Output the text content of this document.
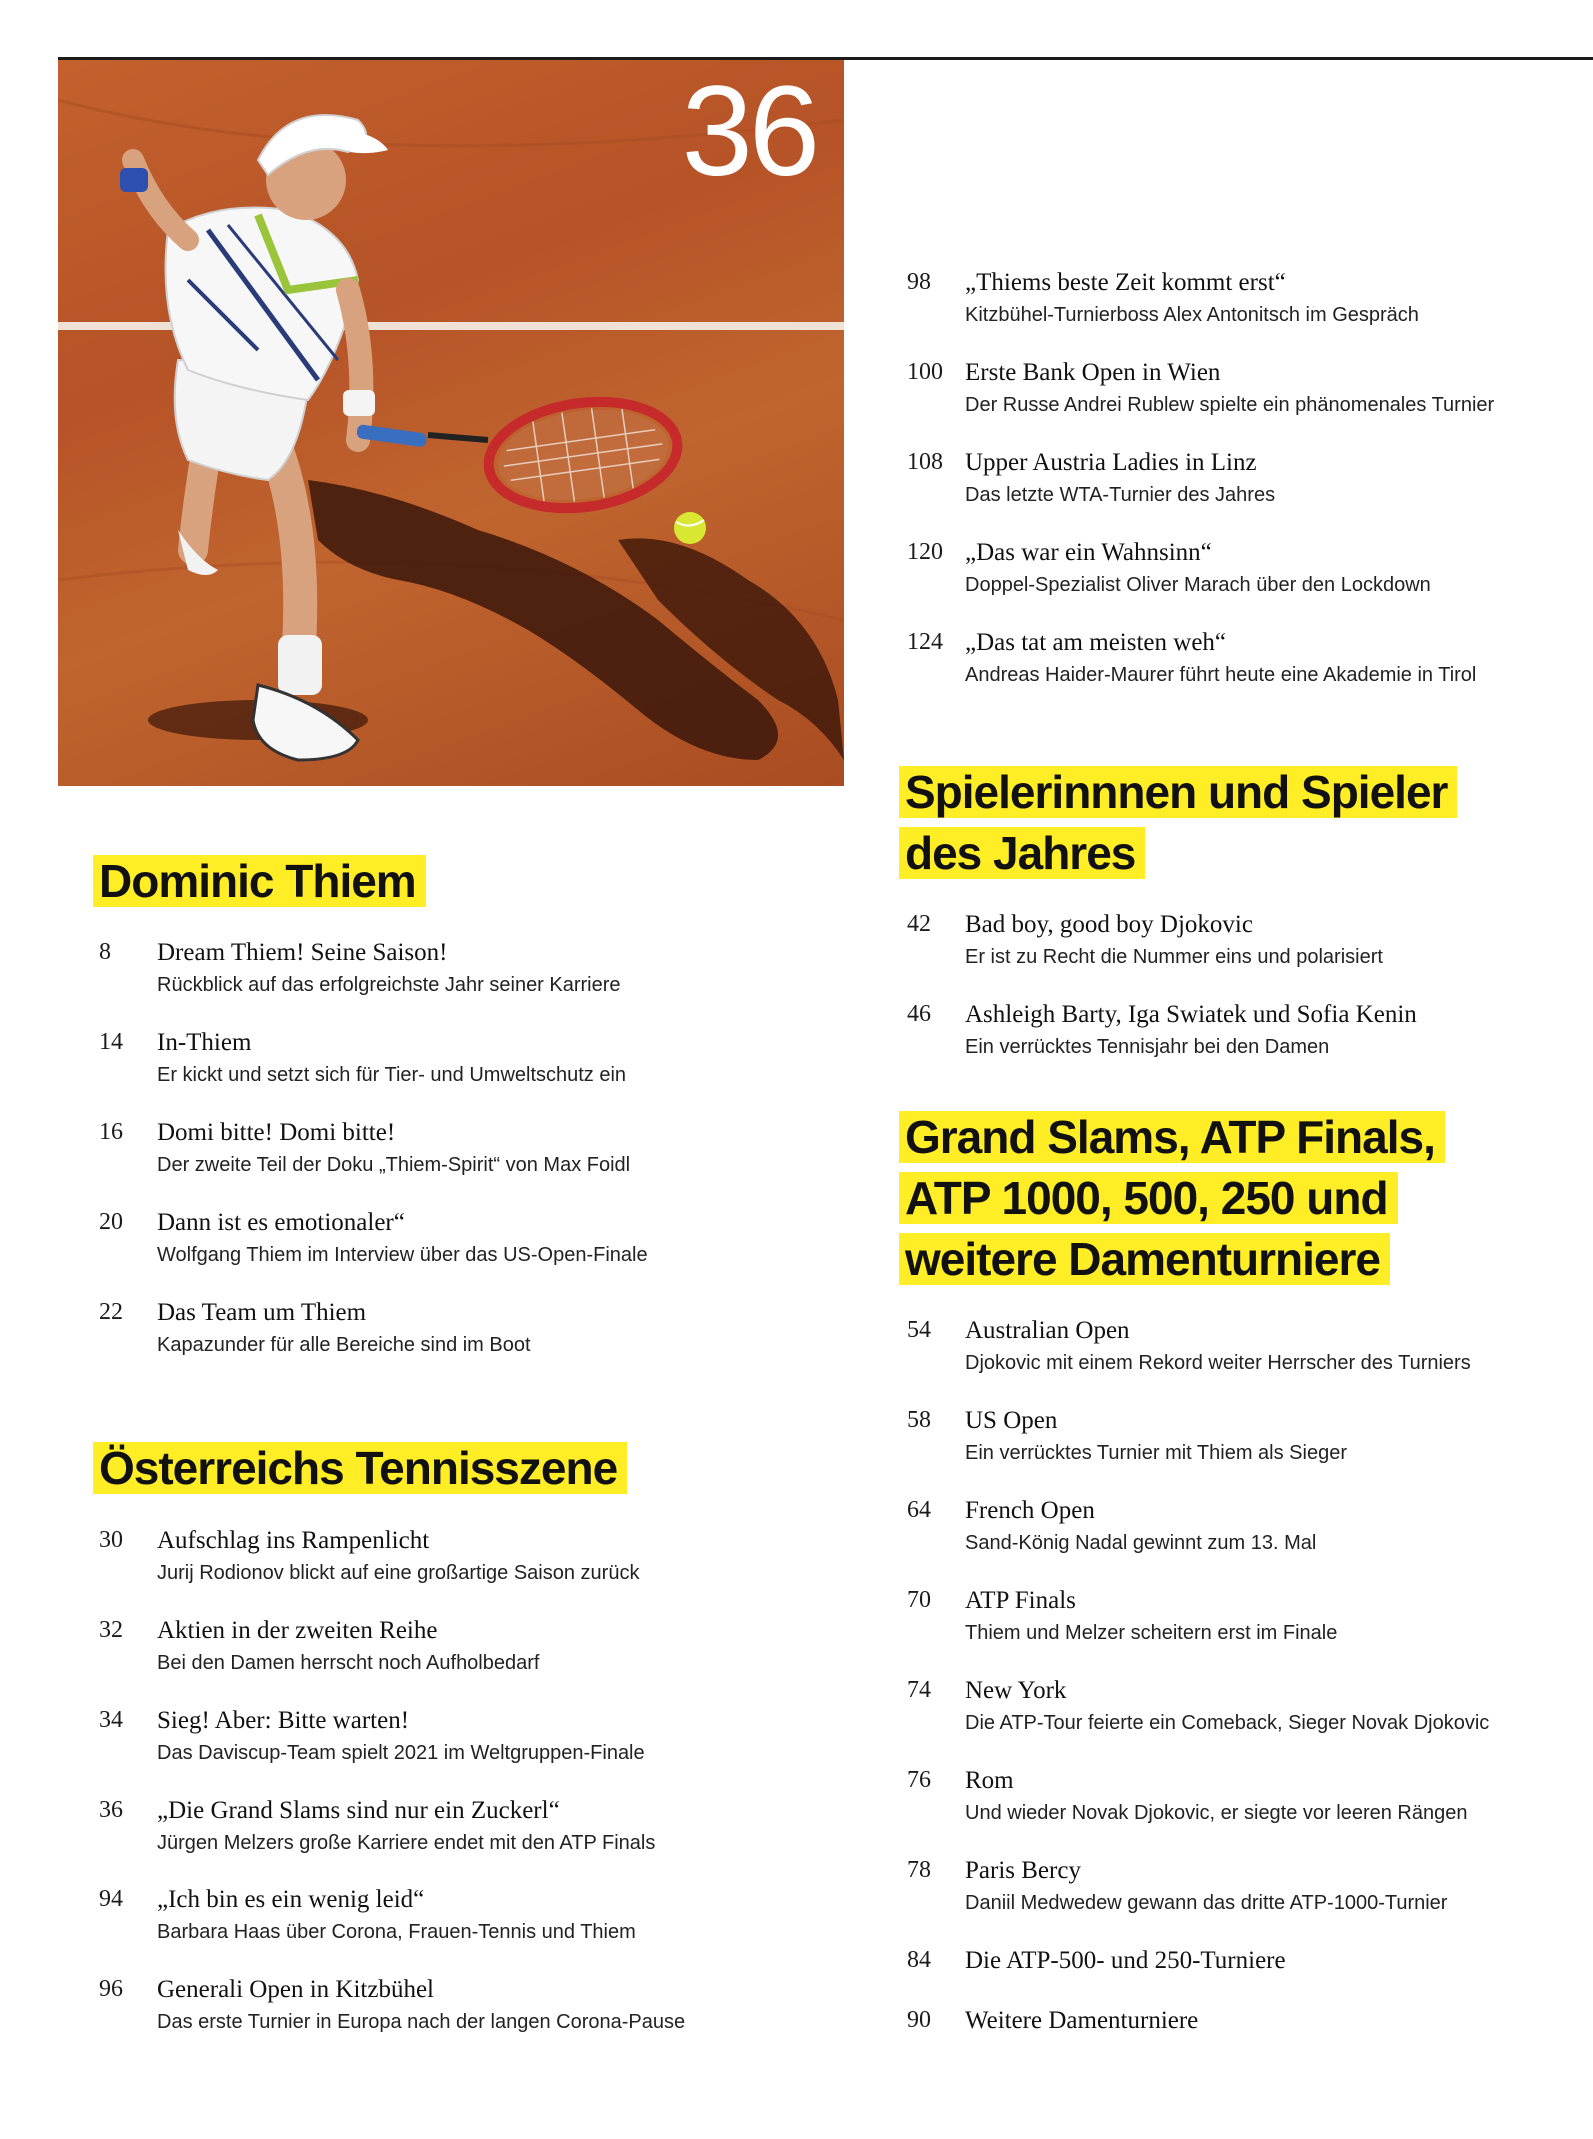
36
Dominic Thiem
8 Dream Thiem! Seine Saison!
Rückblick auf das erfolgreichste Jahr seiner Karriere
14 In-Thiem
Er kickt und setzt sich für Tier- und Umweltschutz ein
16 Domi bitte! Domi bitte!
Der zweite Teil der Doku „Thiem-Spirit“ von Max Foidl
20 Dann ist es emotionaler“
Wolfgang Thiem im Interview über das US-Open-Finale
22 Das Team um Thiem
Kapazunder für alle Bereiche sind im Boot
Österreichs Tennisszene
30 Aufschlag ins Rampenlicht
Jurij Rodionov blickt auf eine großartige Saison zurück
32 Aktien in der zweiten Reihe
Bei den Damen herrscht noch Aufholbedarf
34 Sieg! Aber: Bitte warten!
Das Daviscup-Team spielt 2021 im Weltgruppen-Finale
36 „Die Grand Slams sind nur ein Zuckerl“
Jürgen Melzers große Karriere endet mit den ATP Finals
94 „Ich bin es ein wenig leid“
Barbara Haas über Corona, Frauen-Tennis und Thiem
96 Generali Open in Kitzbühel
Das erste Turnier in Europa nach der langen Corona-Pause
98 „Thiems beste Zeit kommt erst“
Kitzbühel-Turnierboss Alex Antonitsch im Gespräch
100 Erste Bank Open in Wien
Der Russe Andrei Rublew spielte ein phänomenales Turnier
108 Upper Austria Ladies in Linz
Das letzte WTA-Turnier des Jahres
120 „Das war ein Wahnsinn“
Doppel-Spezialist Oliver Marach über den Lockdown
124 „Das tat am meisten weh“
Andreas Haider-Maurer führt heute eine Akademie in Tirol
Spielerinnnen und Spieler
des Jahres
42 Bad boy, good boy Djokovic
Er ist zu Recht die Nummer eins und polarisiert
46 Ashleigh Barty, Iga Swiatek und Sofia Kenin
Ein verrücktes Tennisjahr bei den Damen
Grand Slams, ATP Finals,
ATP 1000, 500, 250 und
weitere Damenturniere
54 Australian Open
Djokovic mit einem Rekord weiter Herrscher des Turniers
58 US Open
Ein verrücktes Turnier mit Thiem als Sieger
64 French Open
Sand-König Nadal gewinnt zum 13. Mal
70 ATP Finals
Thiem und Melzer scheitern erst im Finale
74 New York
Die ATP-Tour feierte ein Comeback, Sieger Novak Djokovic
76 Rom
Und wieder Novak Djokovic, er siegte vor leeren Rängen
78 Paris Bercy
Daniil Medwedew gewann das dritte ATP-1000-Turnier
84 Die ATP-500- und 250-Turniere
90 Weitere Damenturniere
